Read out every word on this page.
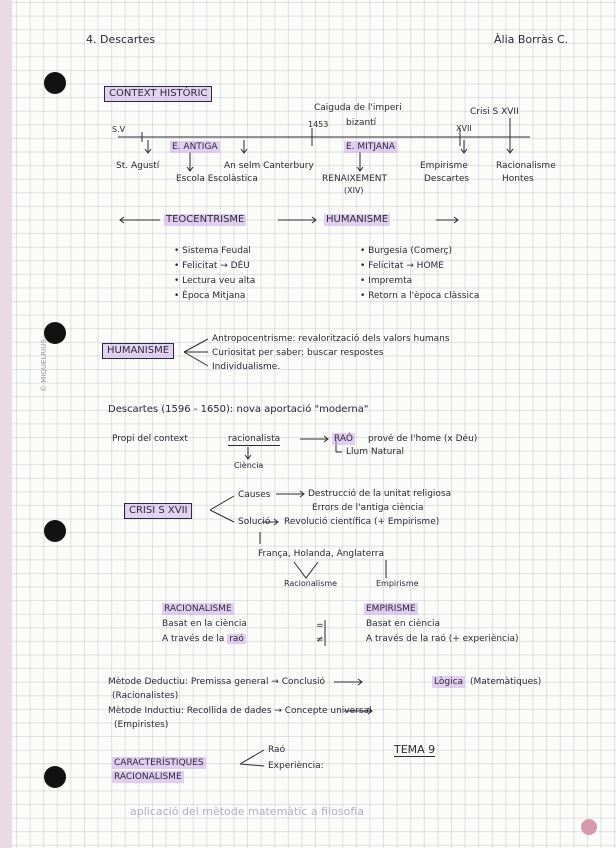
© MIQUELRIUS
4. Descartes	Àlia Borràs C.
CONTEXT HISTÒRIC
S.V
Caiguda de l'imperi
1453 bizantí
Crisi S XVII
XVII
E. ANTIGA	E. MITJANA
St. Agustí
Escola Escolàstica
An selm Canterbury
RENAIXEMENT
(XIV)
Empirisme
Descartes
Racionalisme
Hontes
TEOCENTRISME	HUMANISME
• Sistema Feudal
• Felicitat → DÉU
• Lectura veu alta
• Època Mitjana
• Burgesia (Comerç)
• Felicitat → HOME
• Impremta
• Retorn a l'època clàssica
HUMANISME
Antropocentrisme: revalorització dels valors humans
Curiositat per saber: buscar respostes
Individualisme.
Descartes (1596 - 1650): nova aportació "moderna"
Propi del context	racionalista	RAÓ prové de l'home (x Déu)
Ciència
Llum Natural
CRISI S XVII
Causes	Destrucció de la unitat religiosa
Errors de l'antiga ciència
Solució Revolució científica (+ Empirisme)
França, Holanda, Anglaterra
Racionalisme	Empirisme
RACIONALISME	EMPIRISME
Basat en la ciència
A través de la raó
=
≠
Basat en ciència
A través de la raó (+ experiència)
Mètode Deductiu: Premissa general → Conclusió	Lògica (Matemàtiques)
(Racionalistes)
Mètode Inductiu: Recollida de dades → Concepte universal
(Empiristes)
CARACTERÍSTIQUES
RACIONALISME
Raó
Experiència:
TEMA 9
aplicació del mètode matemàtic a filosofia
